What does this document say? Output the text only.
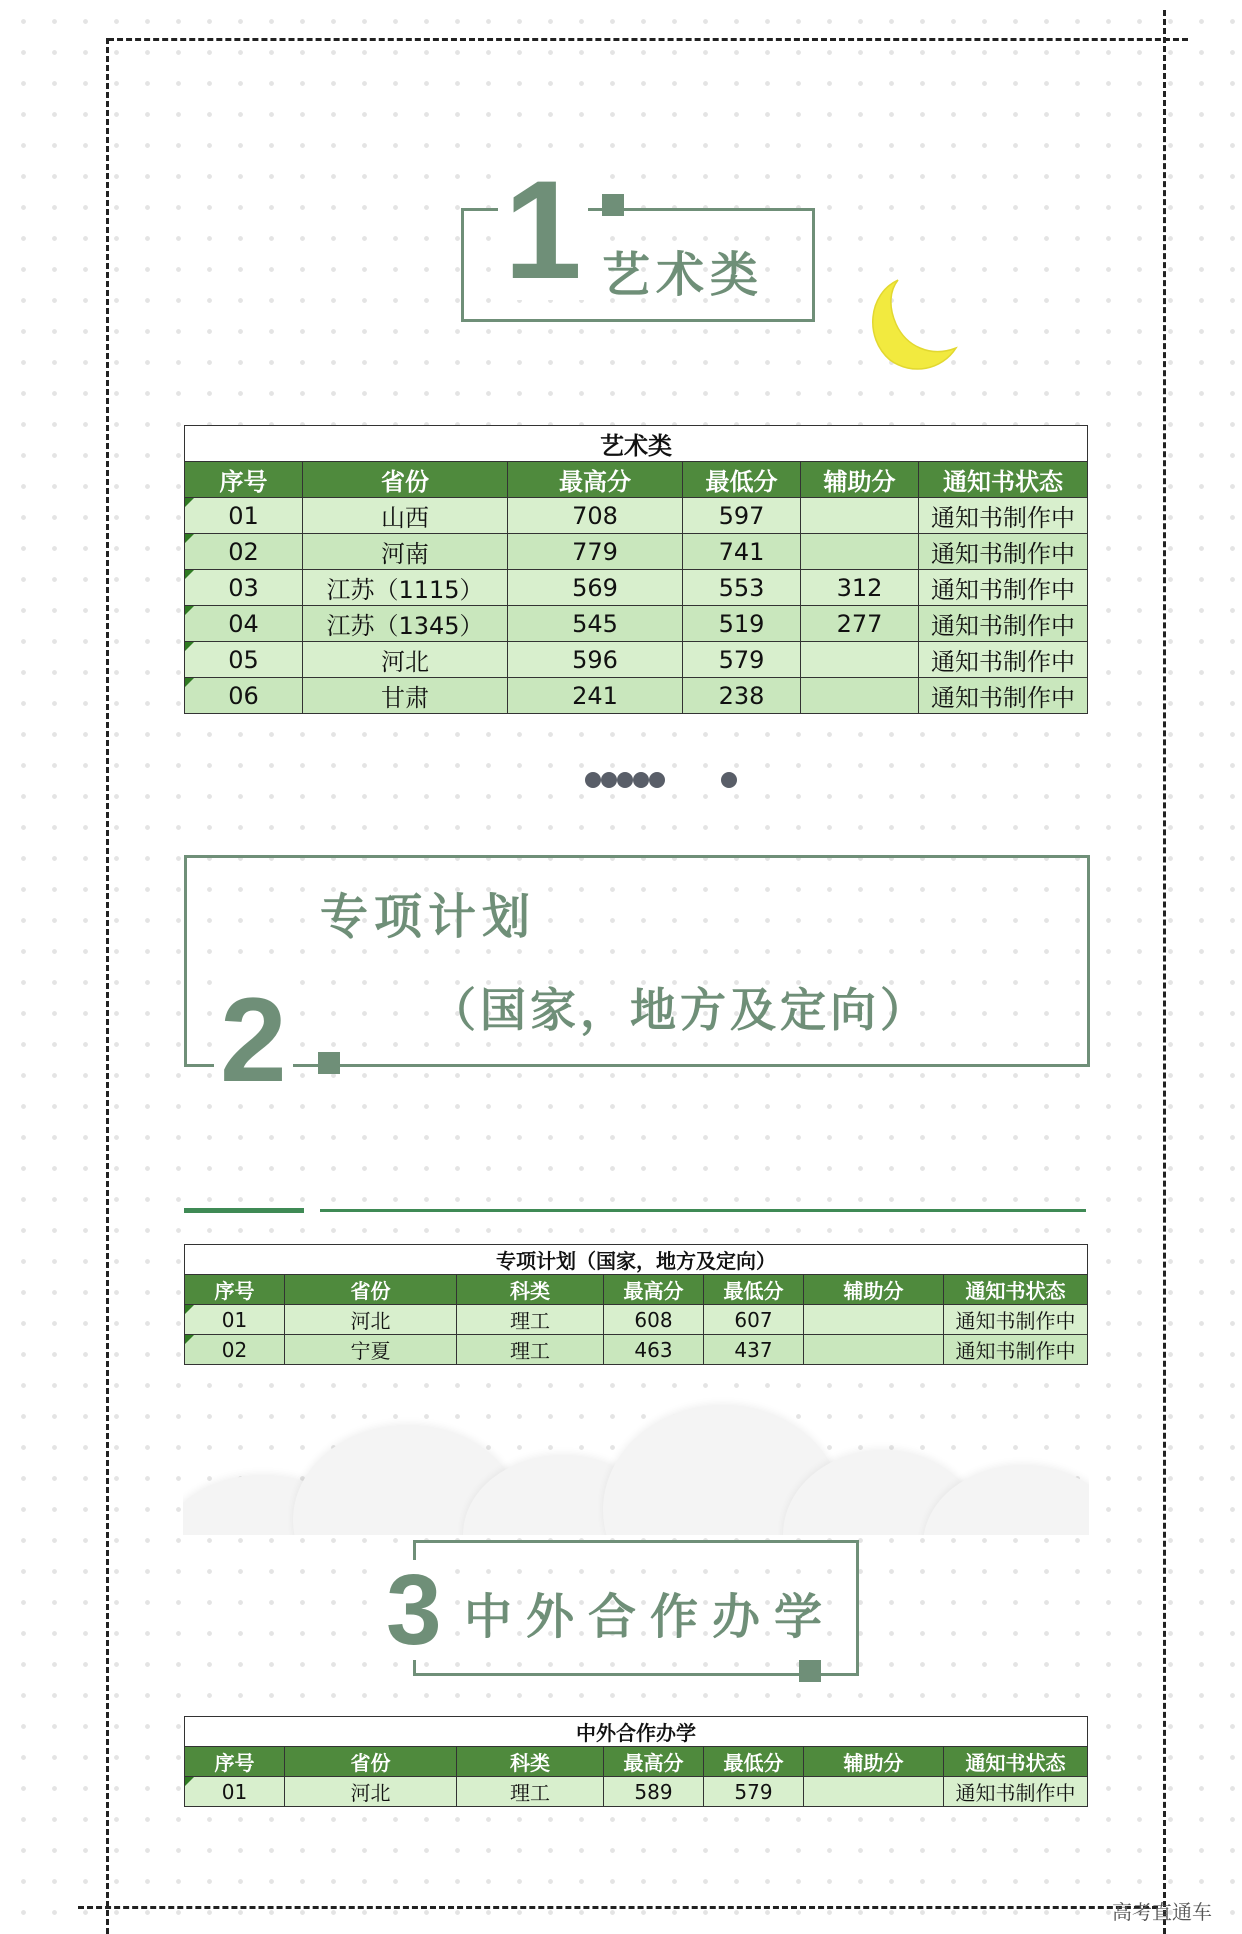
1 艺术类
艺术类					
序号	省份	最高分	最低分	辅助分	通知书状态
01	山西	708	597		通知书制作中
02	河南	779	741		通知书制作中
03	江苏（1115）	569	553	312	通知书制作中
04	江苏（1345）	545	519	277	通知书制作中
05	河北	596	579		通知书制作中
06	甘肃	241	238		通知书制作中
2
专项计划
（国家，地方及定向）
专项计划（国家，地方及定向）						
序号	省份	科类	最高分	最低分	辅助分	通知书状态
01	河北	理工	608	607		通知书制作中
02	宁夏	理工	463	437		通知书制作中
3 中外合作办学
中外合作办学						
序号	省份	科类	最高分	最低分	辅助分	通知书状态
01	河北	理工	589	579		通知书制作中
高考直通车
